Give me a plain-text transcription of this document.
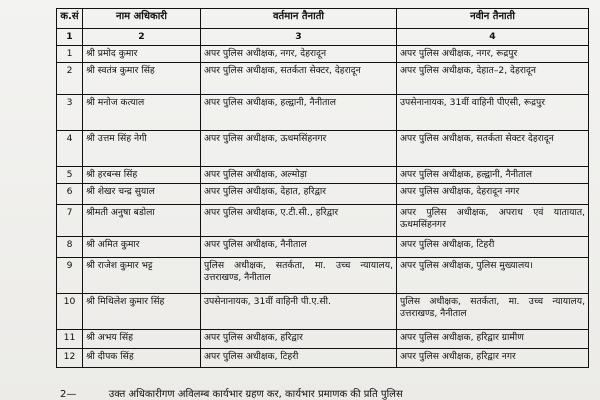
क.सं	नाम अधिकारी	वर्तमान तैनाती	नवीन तैनाती
1	2	3	4
1	श्री प्रमोद कुमार	अपर पुलिस अधीक्षक, नगर, देहरादून	अपर पुलिस अधीक्षक, नगर, रूद्रपुर
2	श्री स्वतंत्र कुमार सिंह	अपर पुलिस अधीक्षक, सतर्कता सेक्टर, देहरादून	अपर पुलिस अधीक्षक, देहात–2, देहरादून
3	श्री मनोज कत्याल	अपर पुलिस अधीक्षक, हल्द्वानी, नैनीताल	उपसेनानायक, 31वीं वाहिनी पीएसी, रूद्रपुर
4	श्री उत्तम सिंह नेगी	अपर पुलिस अधीक्षक, ऊधमसिंहनगर	अपर पुलिस अधीक्षक, सतर्कता सेक्टर देहरादून
5	श्री हरबन्स सिंह	अपर पुलिस अधीक्षक, अल्मोड़ा	अपर पुलिस अधीक्षक, हल्द्वानी, नैनीताल
6	श्री शेखर चन्द्र सुयाल	अपर पुलिस अधीक्षक, देहात, हरिद्वार	अपर पुलिस अधीक्षक, देहरादून नगर
7	श्रीमती अनुषा बडोला	अपर पुलिस अधीक्षक, ए.टी.सी., हरिद्वार	अपर पुलिस अधीक्षक, अपराध एवं यातायात, ऊधमसिंहनगर
8	श्री अमित कुमार	अपर पुलिस अधीक्षक, नैनीताल	अपर पुलिस अधीक्षक, टिहरी
9	श्री राजेश कुमार भट्ट	पुलिस अधीक्षक, सतर्कता, मा. उच्च न्यायालय, उत्तराखण्ड, नैनीताल	अपर पुलिस अधीक्षक, पुलिस मुख्यालय।
10	श्री मिथिलेश कुमार सिंह	उपसेनानायक, 31वीं वाहिनी पी.ए.सी.	पुलिस अधीक्षक, सतर्कता, मा. उच्च न्यायालय, उत्तराखण्ड, नैनीताल
11	श्री अभय सिंह	अपर पुलिस अधीक्षक, हरिद्वार	अपर पुलिस अधीक्षक, हरिद्वार ग्रामीण
12	श्री दीपक सिंह	अपर पुलिस अधीक्षक, टिहरी	अपर पुलिस अधीक्षक, हरिद्वार नगर
2—	उक्त अधिकारीगण अविलम्ब कार्यभार ग्रहण कर, कार्यभार प्रमाणक की प्रति पुलिस
